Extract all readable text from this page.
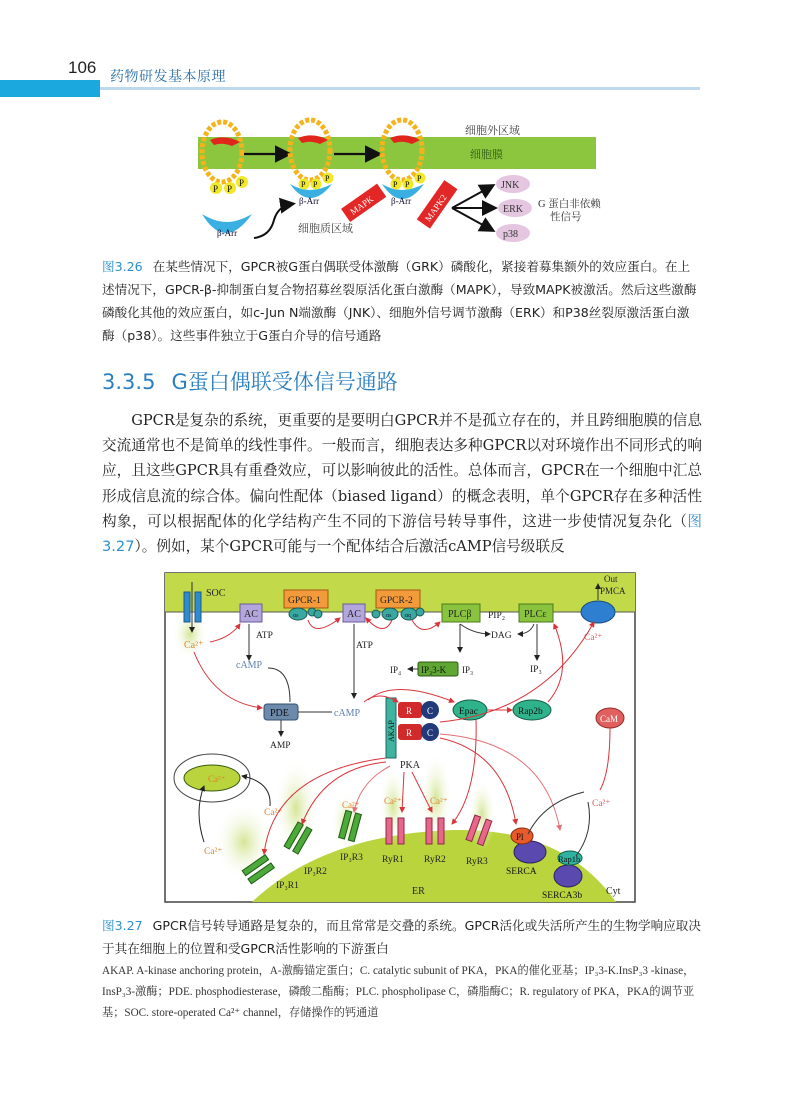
106 药物研发基本原理
细胞外区域
细胞膜
P P
P
β-Arr
P P
P
β-Arr
P P
P
MAPK	MAPK2
β-Arr	细胞质区域
JNK
ERK
p38
G 蛋白非依赖
性信号
图3.26 在某些情况下，GPCR被G蛋白偶联受体激酶（GRK）磷酸化，紧接着募集额外的效应蛋白。在上述情况下，GPCR-β-抑制蛋白复合物招募丝裂原活化蛋白激酶（MAPK），导致MAPK被激活。然后这些激酶磷酸化其他的效应蛋白，如c-Jun N端激酶（JNK）、细胞外信号调节激酶（ERK）和P38丝裂原激活蛋白激酶（p38）。这些事件独立于G蛋白介导的信号通路
3.3.5 G蛋白偶联受体信号通路

GPCR是复杂的系统，更重要的是要明白GPCR并不是孤立存在的，并且跨细胞膜的信息交流通常也不是简单的线性事件。一般而言，细胞表达多种GPCR以对环境作出不同形式的响应，且这些GPCR具有重叠效应，可以影响彼此的活性。总体而言，GPCR在一个细胞中汇总形成信息流的综合体。偏向性配体（biased ligand）的概念表明，单个GPCR存在多种活性构象，可以根据配体的化学结构产生不同的下游信号转导事件，这进一步使情况复杂化（图3.27）。例如，某个GPCR可能与一个配体结合后激活cAMP信号级联反

ER	Cyt
SOC
Ca²⁺
AC
ATP
cAMP
GPCR-1
αs	AC
ATP
GPCR-2
αs αq	PLCβ PIP₂ PLCε
DAG
IP₃
IP₃3-K IP₃
IP₄
Out
PMCA
Ca²⁺
PDE
AMP
cAMP
AKAP
R C
R C
PKA
Epac	Rap2b
CaM
Ca²⁺
Ca²⁺
Ca²⁺
Ca²⁺
IP₃R1
IP₃R2
IP₃R3
Ca²⁺
RyR1
Ca²⁺
RyR2
Ca²⁺
RyR3
Pl
SERCA
Rap1b
SERCA3b
图3.27 GPCR信号转导通路是复杂的，而且常常是交叠的系统。GPCR活化或失活所产生的生物学响应取决于其在细胞上的位置和受GPCR活性影响的下游蛋白
AKAP. A-kinase anchoring protein，A-激酶锚定蛋白；C. catalytic subunit of PKA，PKA的催化亚基；IP₃3-K.InsP₃3 -kinase，InsP₃3-激酶；PDE. phosphodiesterase，磷酸二酯酶；PLC. phospholipase C，磷脂酶C；R. regulatory of PKA，PKA的调节亚基；SOC. store-operated Ca²⁺ channel，存储操作的钙通道
